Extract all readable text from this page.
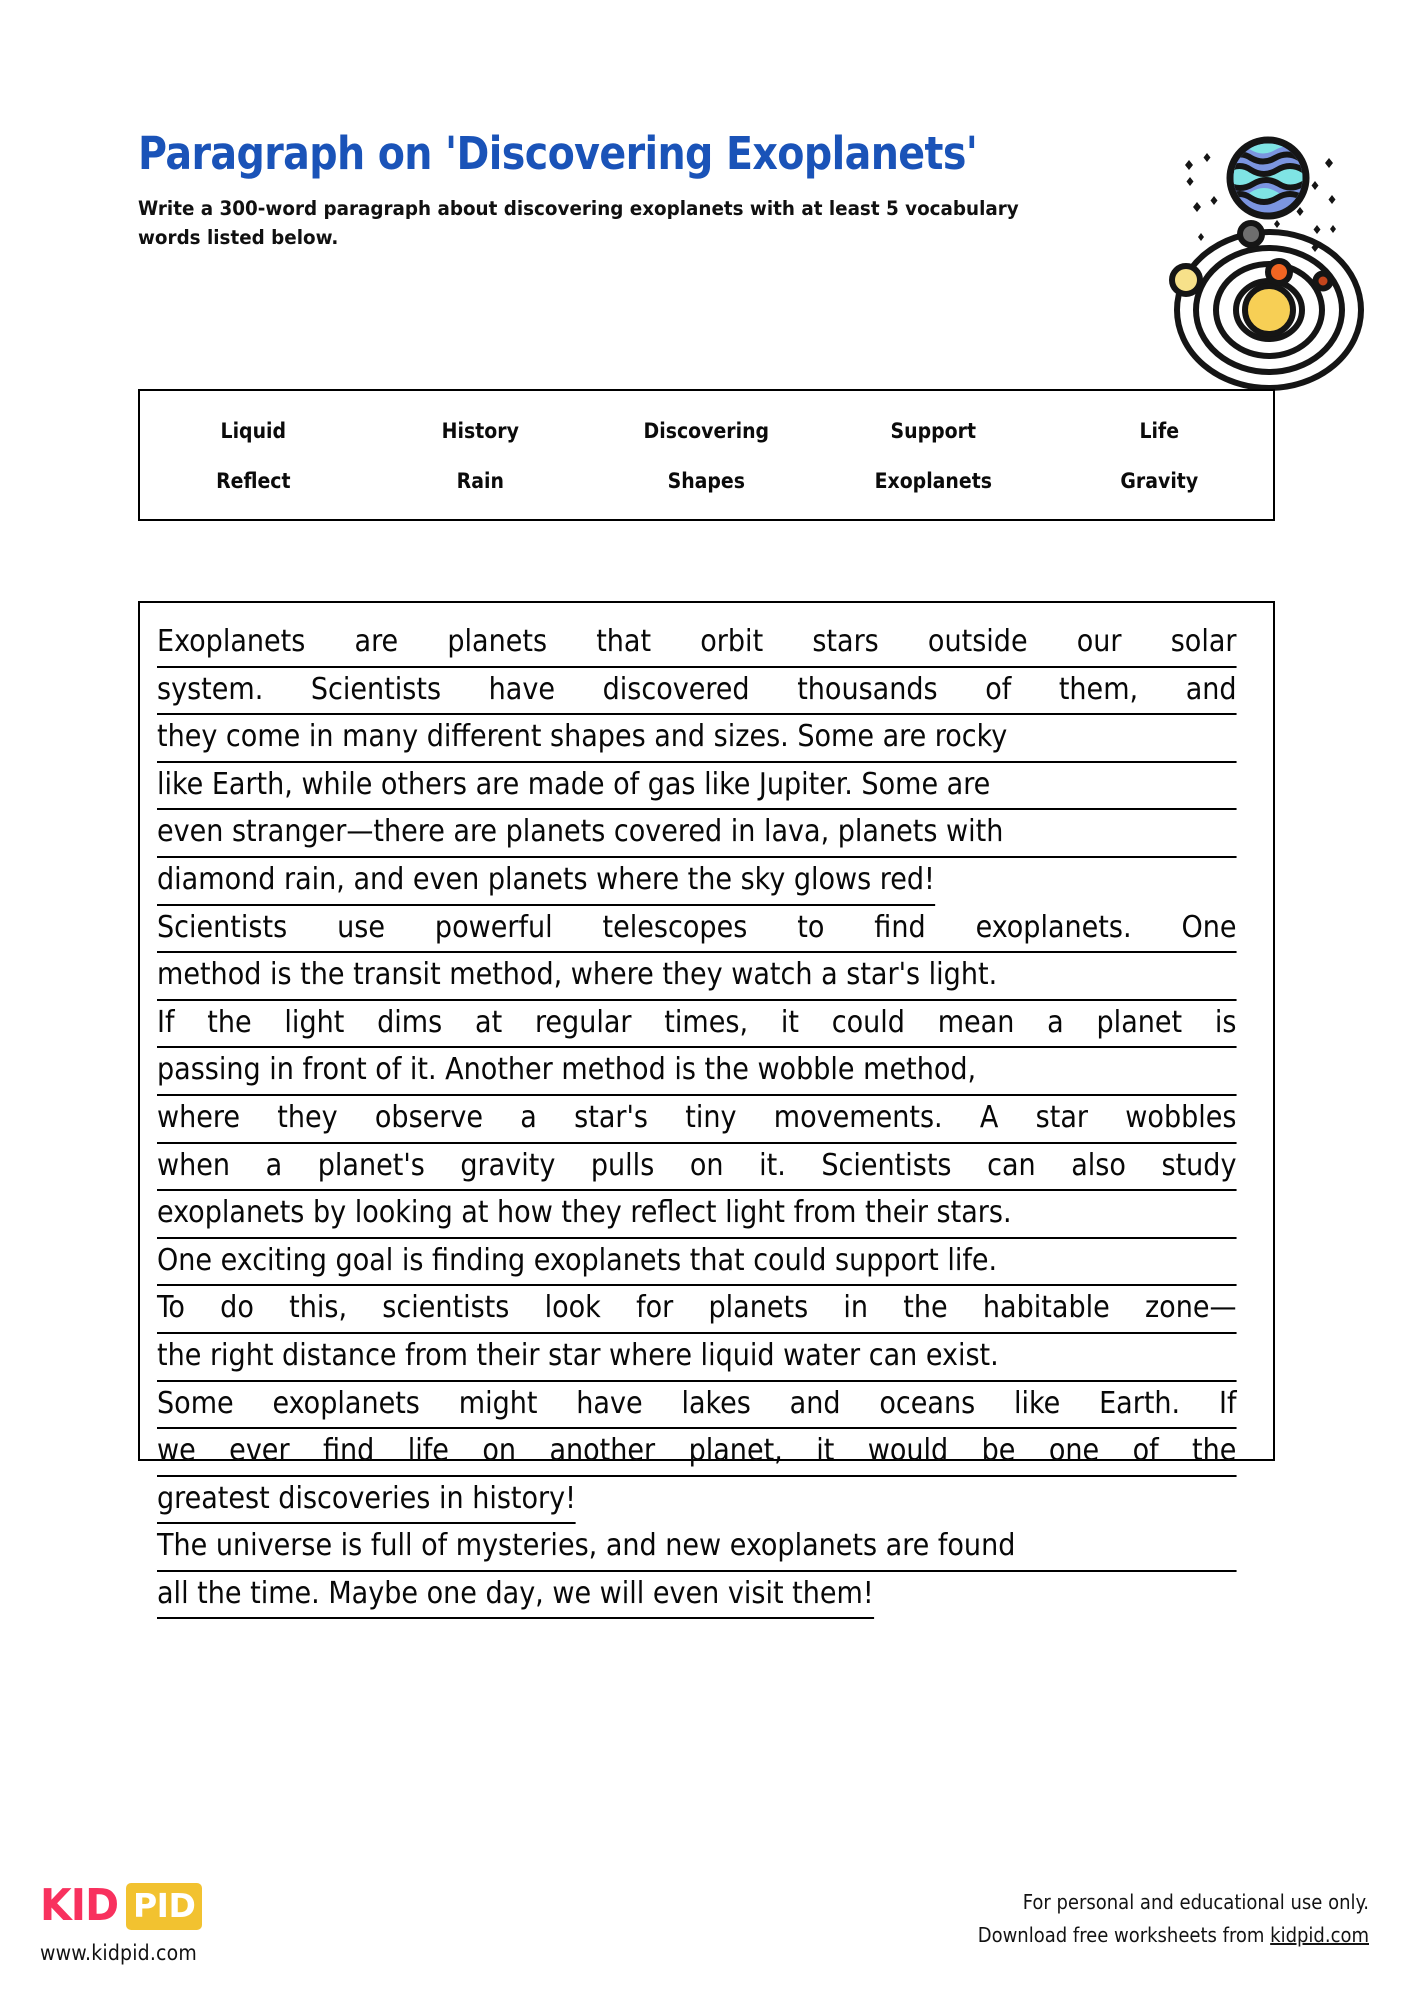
Paragraph on 'Discovering Exoplanets'
Write a 300-word paragraph about discovering exoplanets with at least 5 vocabulary words listed below.
Liquid	History	Discovering	Support	Life
Reflect	Rain	Shapes	Exoplanets	Gravity
Exoplanets are planets that orbit stars outside our solar
system. Scientists have discovered thousands of them, and
they come in many different shapes and sizes. Some are rocky
like Earth, while others are made of gas like Jupiter. Some are
even stranger—there are planets covered in lava, planets with
diamond rain, and even planets where the sky glows red!
Scientists use powerful telescopes to find exoplanets. One
method is the transit method, where they watch a star's light.
If the light dims at regular times, it could mean a planet is
passing in front of it. Another method is the wobble method,
where they observe a star's tiny movements. A star wobbles
when a planet's gravity pulls on it. Scientists can also study
exoplanets by looking at how they reflect light from their stars.
One exciting goal is finding exoplanets that could support life.
To do this, scientists look for planets in the habitable zone—
the right distance from their star where liquid water can exist.
Some exoplanets might have lakes and oceans like Earth. If
we ever find life on another planet, it would be one of the
greatest discoveries in history!
The universe is full of mysteries, and new exoplanets are found
all the time. Maybe one day, we will even visit them!
KID PID
www.kidpid.com
For personal and educational use only.
Download free worksheets from kidpid.com
